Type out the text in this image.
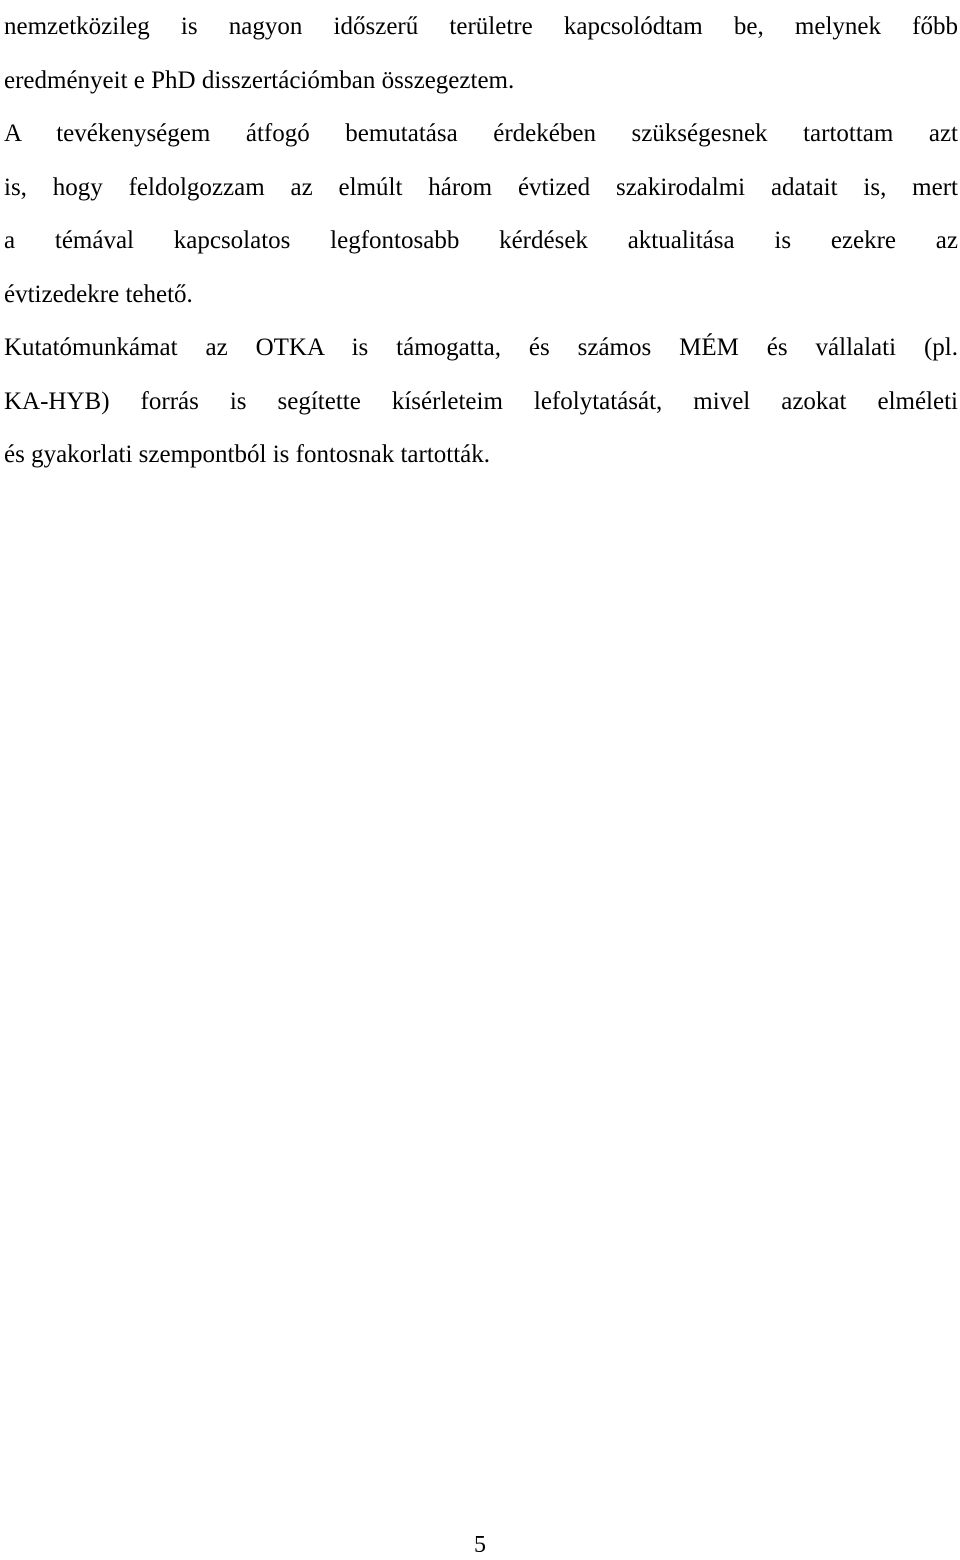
nemzetközileg is nagyon időszerű területre kapcsolódtam be, melynek főbb
eredményeit e PhD disszertációmban összegeztem.
A tevékenységem átfogó bemutatása érdekében szükségesnek tartottam azt
is, hogy feldolgozzam az elmúlt három évtized szakirodalmi adatait is, mert
a témával kapcsolatos legfontosabb kérdések aktualitása is ezekre az
évtizedekre tehető.
Kutatómunkámat az OTKA is támogatta, és számos MÉM és vállalati (pl.
KA-HYB) forrás is segítette kísérleteim lefolytatását, mivel azokat elméleti
és gyakorlati szempontból is fontosnak tartották.
5
